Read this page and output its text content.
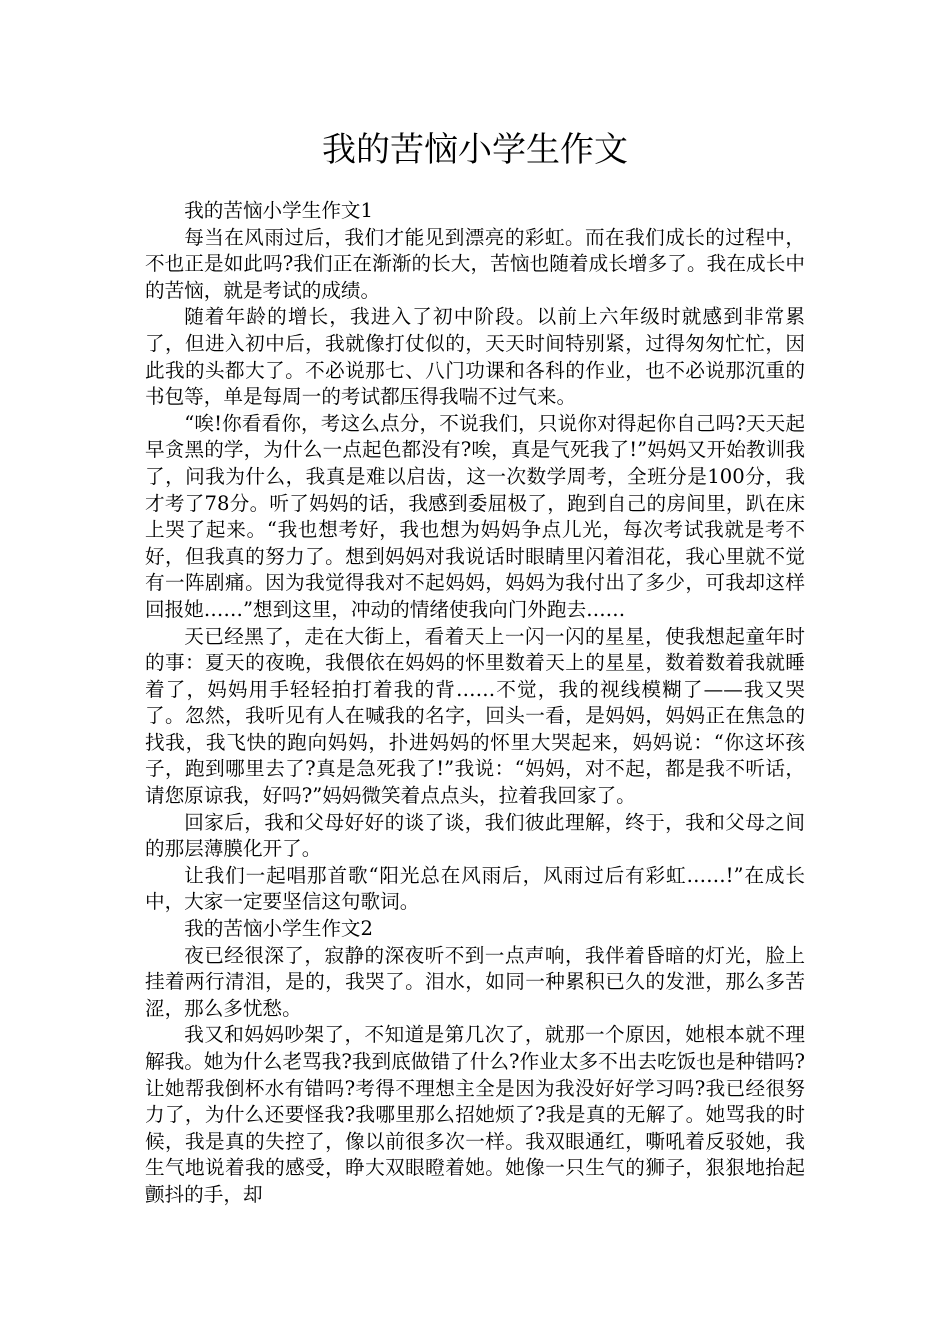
我的苦恼小学生作文

我的苦恼小学生作文1

每当在风雨过后，我们才能见到漂亮的彩虹。而在我们成长的过程中，不也正是如此吗?我们正在渐渐的长大，苦恼也随着成长增多了。我在成长中的苦恼，就是考试的成绩。

随着年龄的增长，我进入了初中阶段。以前上六年级时就感到非常累了，但进入初中后，我就像打仗似的，天天时间特别紧，过得匆匆忙忙，因此我的头都大了。不必说那七、八门功课和各科的作业，也不必说那沉重的书包等，单是每周一的考试都压得我喘不过气来。

“唉!你看看你，考这么点分，不说我们，只说你对得起你自己吗?天天起早贪黑的学，为什么一点起色都没有?唉，真是气死我了!”妈妈又开始教训我了，问我为什么，我真是难以启齿，这一次数学周考，全班分是100分，我才考了78分。听了妈妈的话，我感到委屈极了，跑到自己的房间里，趴在床上哭了起来。“我也想考好，我也想为妈妈争点儿光，每次考试我就是考不好，但我真的努力了。想到妈妈对我说话时眼睛里闪着泪花，我心里就不觉有一阵剧痛。因为我觉得我对不起妈妈，妈妈为我付出了多少，可我却这样回报她……”想到这里，冲动的情绪使我向门外跑去……

天已经黑了，走在大街上，看着天上一闪一闪的星星，使我想起童年时的事：夏天的夜晚，我偎依在妈妈的怀里数着天上的星星，数着数着我就睡着了，妈妈用手轻轻拍打着我的背……不觉，我的视线模糊了——我又哭了。忽然，我听见有人在喊我的名字，回头一看，是妈妈，妈妈正在焦急的找我，我飞快的跑向妈妈，扑进妈妈的怀里大哭起来，妈妈说：“你这坏孩子，跑到哪里去了?真是急死我了!”我说：“妈妈，对不起，都是我不听话，请您原谅我，好吗?”妈妈微笑着点点头，拉着我回家了。

回家后，我和父母好好的谈了谈，我们彼此理解，终于，我和父母之间的那层薄膜化开了。

让我们一起唱那首歌“阳光总在风雨后，风雨过后有彩虹……!”在成长中，大家一定要坚信这句歌词。

我的苦恼小学生作文2

夜已经很深了，寂静的深夜听不到一点声响，我伴着昏暗的灯光，脸上挂着两行清泪，是的，我哭了。泪水，如同一种累积已久的发泄，那么多苦涩，那么多忧愁。

我又和妈妈吵架了，不知道是第几次了，就那一个原因，她根本就不理解我。她为什么老骂我?我到底做错了什么?作业太多不出去吃饭也是种错吗?让她帮我倒杯水有错吗?考得不理想主全是因为我没好好学习吗?我已经很努力了，为什么还要怪我?我哪里那么招她烦了?我是真的无解了。她骂我的时候，我是真的失控了，像以前很多次一样。我双眼通红，嘶吼着反驳她，我生气地说着我的感受，睁大双眼瞪着她。她像一只生气的狮子，狠狠地抬起颤抖的手，却
